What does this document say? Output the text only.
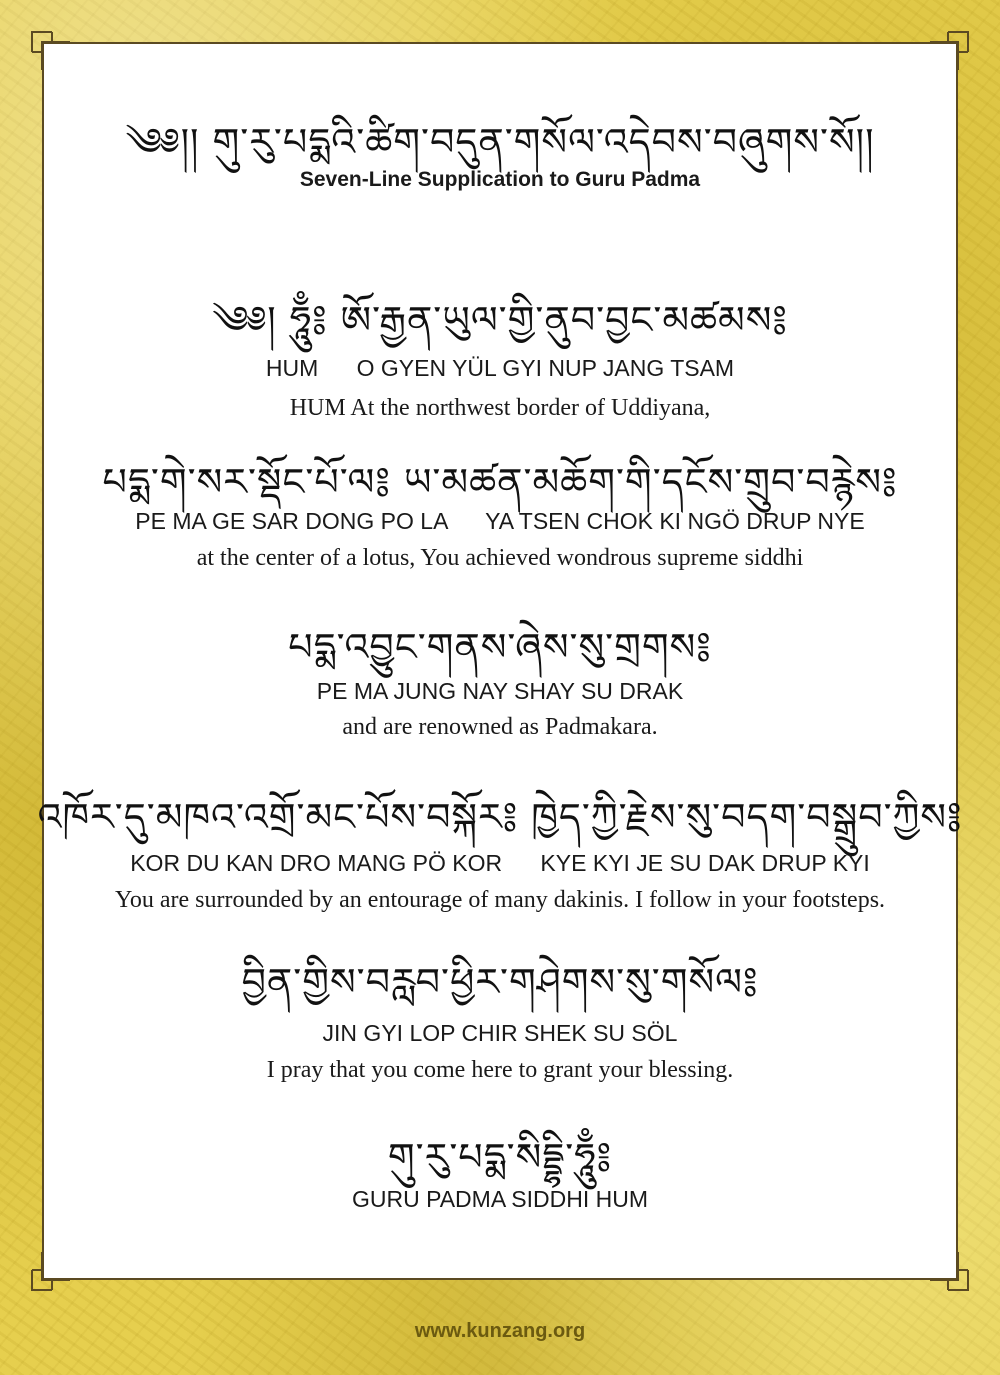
༄༅།། གུ་རུ་པདྨའི་ཚིག་བདུན་གསོལ་འདེབས་བཞུགས་སོ།།
Seven-Line Supplication to Guru Padma
༄༅། ཧཱུྃ༔ ཨོ་རྒྱན་ཡུལ་གྱི་ནུབ་བྱང་མཚམས༔
HUM      O GYEN YÜL GYI NUP JANG TSAM
HUM At the northwest border of Uddiyana,
པདྨ་གེ་སར་སྡོང་པོ་ལ༔ ཡ་མཚན་མཆོག་གི་དངོས་གྲུབ་བརྙེས༔
PE MA GE SAR DONG PO LA      YA TSEN CHOK KI NGÖ DRUP NYE
at the center of a lotus, You achieved wondrous supreme siddhi
པདྨ་འབྱུང་གནས་ཞེས་སུ་གྲགས༔
PE MA JUNG NAY SHAY SU DRAK
and are renowned as Padmakara.
འཁོར་དུ་མཁའ་འགྲོ་མང་པོས་བསྐོར༔ ཁྱེད་ཀྱི་རྗེས་སུ་བདག་བསྒྲུབ་ཀྱིས༔
KOR DU KAN DRO MANG PÖ KOR      KYE KYI JE SU DAK DRUP KYI
You are surrounded by an entourage of many dakinis. I follow in your footsteps.
བྱིན་གྱིས་བརླབ་ཕྱིར་གཤེགས་སུ་གསོལ༔
JIN GYI LOP CHIR SHEK SU SÖL
I pray that you come here to grant your blessing.
གུ་རུ་པདྨ་སིདྡྷི་ཧཱུྃ༔
GURU PADMA SIDDHI HUM
www.kunzang.org
